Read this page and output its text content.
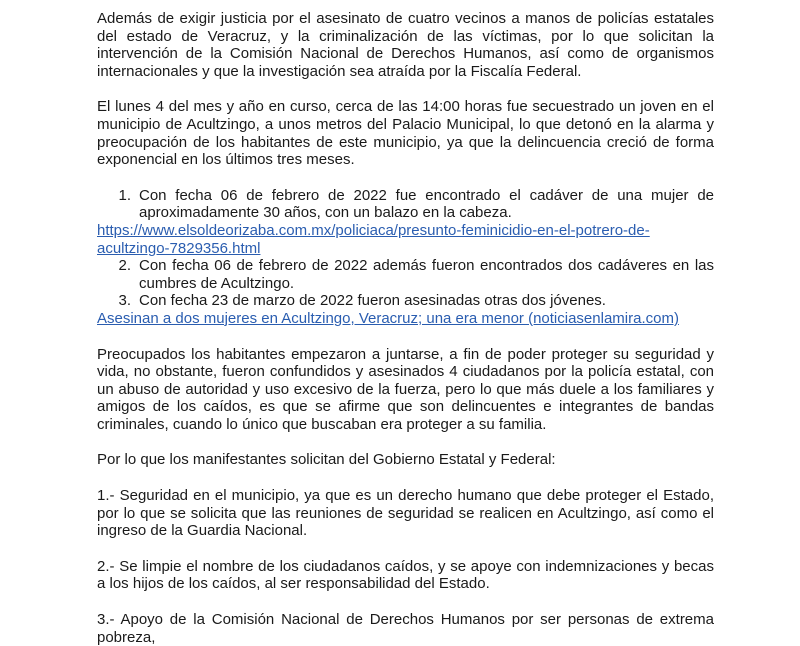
Además de exigir justicia por el asesinato de cuatro vecinos a manos de policías estatales del estado de Veracruz, y la criminalización de las víctimas, por lo que solicitan la intervención de la Comisión Nacional de Derechos Humanos, así como de organismos internacionales y que la investigación sea atraída por la Fiscalía Federal.

El lunes 4 del mes y año en curso, cerca de las 14:00 horas fue secuestrado un joven en el municipio de Acultzingo, a unos metros del Palacio Municipal, lo que detonó en la alarma y preocupación de los habitantes de este municipio, ya que la delincuencia creció de forma exponencial en los últimos tres meses.

1. Con fecha 06 de febrero de 2022 fue encontrado el cadáver de una mujer de aproximadamente 30 años, con un balazo en la cabeza.
https://www.elsoldeorizaba.com.mx/policiaca/presunto-feminicidio-en-el-potrero-de-acultzingo-7829356.html
2. Con fecha 06 de febrero de 2022 además fueron encontrados dos cadáveres en las cumbres de Acultzingo.
3. Con fecha 23 de marzo de 2022 fueron asesinadas otras dos jóvenes.
Asesinan a dos mujeres en Acultzingo, Veracruz; una era menor (noticiasenlamira.com)

Preocupados los habitantes empezaron a juntarse, a fin de poder proteger su seguridad y vida, no obstante, fueron confundidos y asesinados 4 ciudadanos por la policía estatal, con un abuso de autoridad y uso excesivo de la fuerza, pero lo que más duele a los familiares y amigos de los caídos, es que se afirme que son delincuentes e integrantes de bandas criminales, cuando lo único que buscaban era proteger a su familia.

Por lo que los manifestantes solicitan del Gobierno Estatal y Federal:

1.- Seguridad en el municipio, ya que es un derecho humano que debe proteger el Estado, por lo que se solicita que las reuniones de seguridad se realicen en Acultzingo, así como el ingreso de la Guardia Nacional.

2.- Se limpie el nombre de los ciudadanos caídos, y se apoye con indemnizaciones y becas a los hijos de los caídos, al ser responsabilidad del Estado.

3.- Apoyo de la Comisión Nacional de Derechos Humanos por ser personas de extrema pobreza,
